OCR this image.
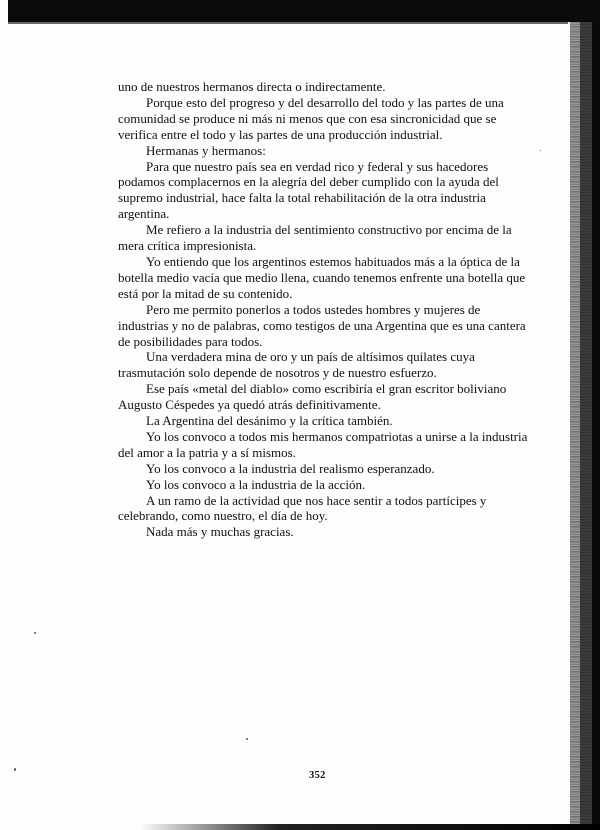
uno de nuestros hermanos directa o indirectamente.

Porque esto del progreso y del desarrollo del todo y las partes de una comunidad se produce ni más ni menos que con esa sincronicidad que se verifica entre el todo y las partes de una producción industrial.

Hermanas y hermanos:

Para que nuestro país sea en verdad rico y federal y sus hacedores podamos complacernos en la alegría del deber cumplido con la ayuda del supremo industrial, hace falta la total rehabilitación de la otra industria argentina.

Me refiero a la industria del sentimiento constructivo por encima de la mera crítica impresionista.

Yo entiendo que los argentinos estemos habituados más a la óptica de la botella medio vacía que medio llena, cuando tenemos enfrente una botella que está por la mitad de su contenido.

Pero me permito ponerlos a todos ustedes hombres y mujeres de industrias y no de palabras, como testigos de una Argentina que es una cantera de posibilidades para todos.

Una verdadera mina de oro y un país de altísimos quilates cuya trasmutación solo depende de nosotros y de nuestro esfuerzo.

Ese país «metal del diablo» como escribiría el gran escritor boliviano Augusto Céspedes ya quedó atrás definitivamente.

La Argentina del desánimo y la crítica también.

Yo los convoco a todos mis hermanos compatriotas a unirse a la industria del amor a la patria y a sí mismos.

Yo los convoco a la industria del realismo esperanzado.

Yo los convoco a la industria de la acción.

A un ramo de la actividad que nos hace sentir a todos partícipes y celebrando, como nuestro, el día de hoy.

Nada más y muchas gracias.

352
